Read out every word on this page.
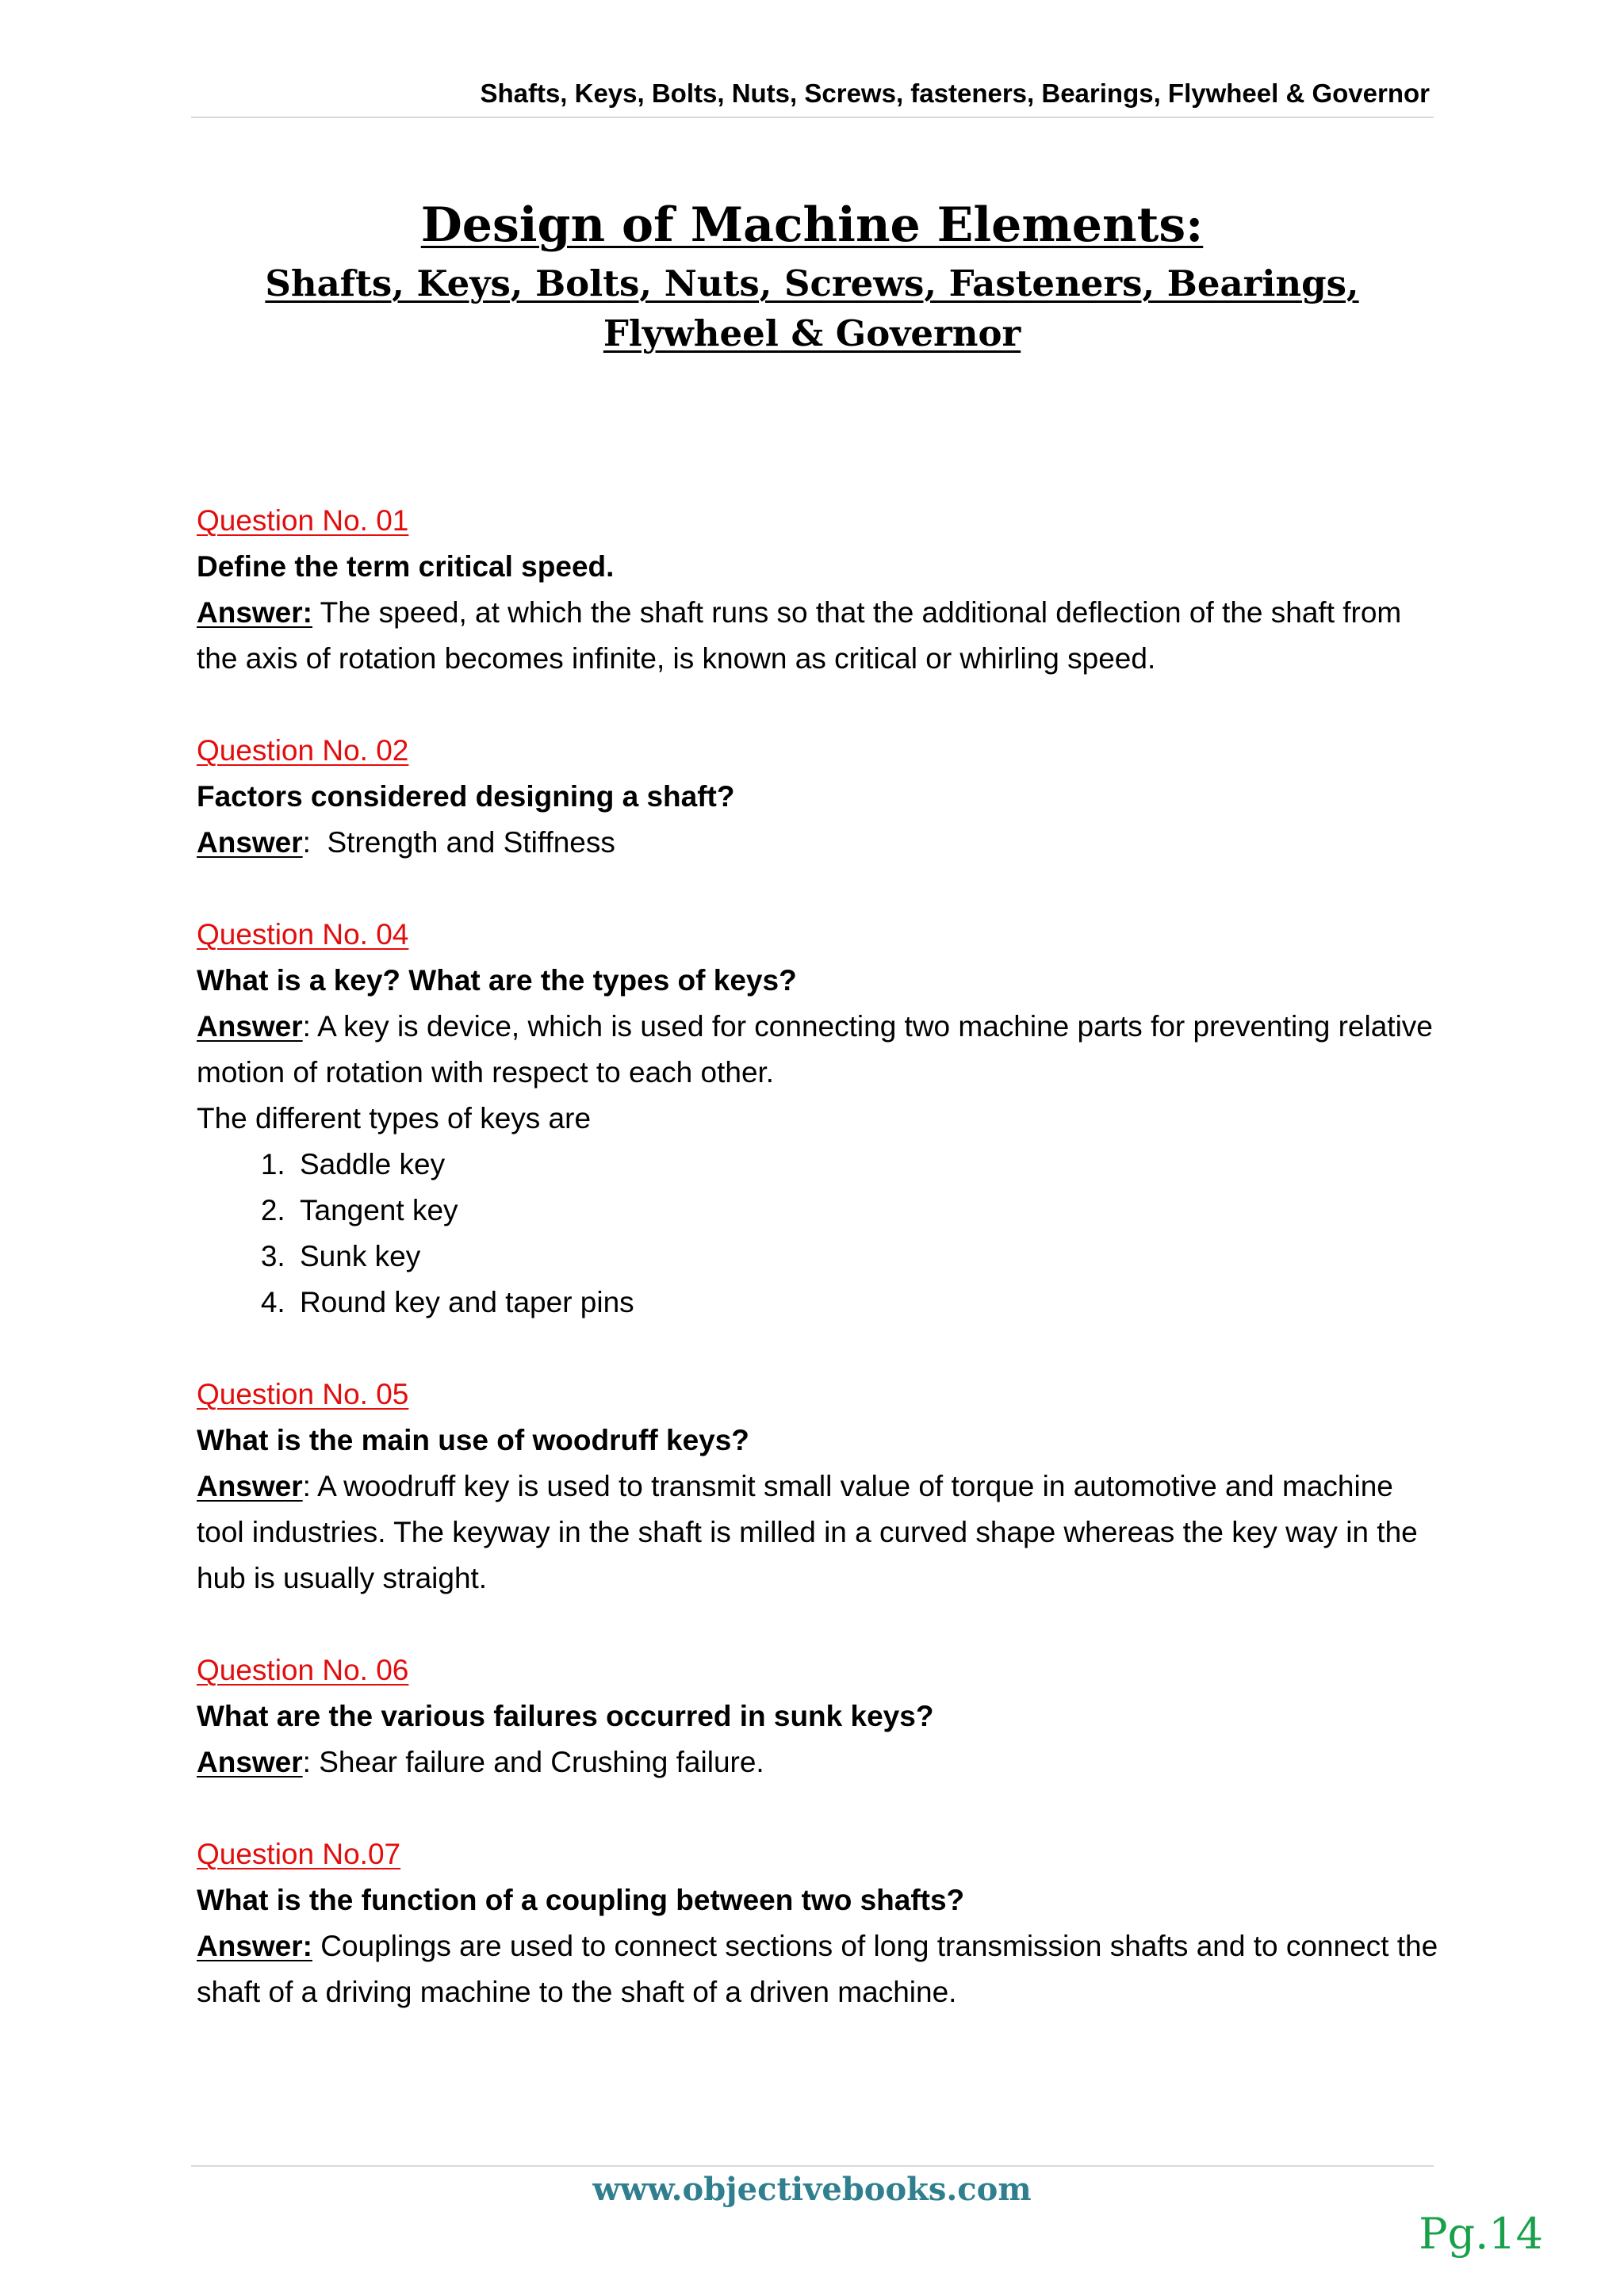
Shafts, Keys, Bolts, Nuts, Screws, fasteners, Bearings, Flywheel & Governor
Design of Machine Elements:
Shafts, Keys, Bolts, Nuts, Screws, Fasteners, Bearings,
Flywheel & Governor
Question No. 01
Define the term critical speed.
Answer: The speed, at which the shaft runs so that the additional deflection of the shaft from the axis of rotation becomes infinite, is known as critical or whirling speed.
Question No. 02
Factors considered designing a shaft?
Answer:  Strength and Stiffness
Question No. 04
What is a key? What are the types of keys?
Answer: A key is device, which is used for connecting two machine parts for preventing relative motion of rotation with respect to each other.
The different types of keys are
1. Saddle key
2. Tangent key
3. Sunk key
4. Round key and taper pins
Question No. 05
What is the main use of woodruff keys?
Answer: A woodruff key is used to transmit small value of torque in automotive and machine tool industries. The keyway in the shaft is milled in a curved shape whereas the key way in the hub is usually straight.
Question No. 06
What are the various failures occurred in sunk keys?
Answer: Shear failure and Crushing failure.
Question No.07
What is the function of a coupling between two shafts?
Answer: Couplings are used to connect sections of long transmission shafts and to connect the shaft of a driving machine to the shaft of a driven machine.
www.objectivebooks.com
Pg.14
